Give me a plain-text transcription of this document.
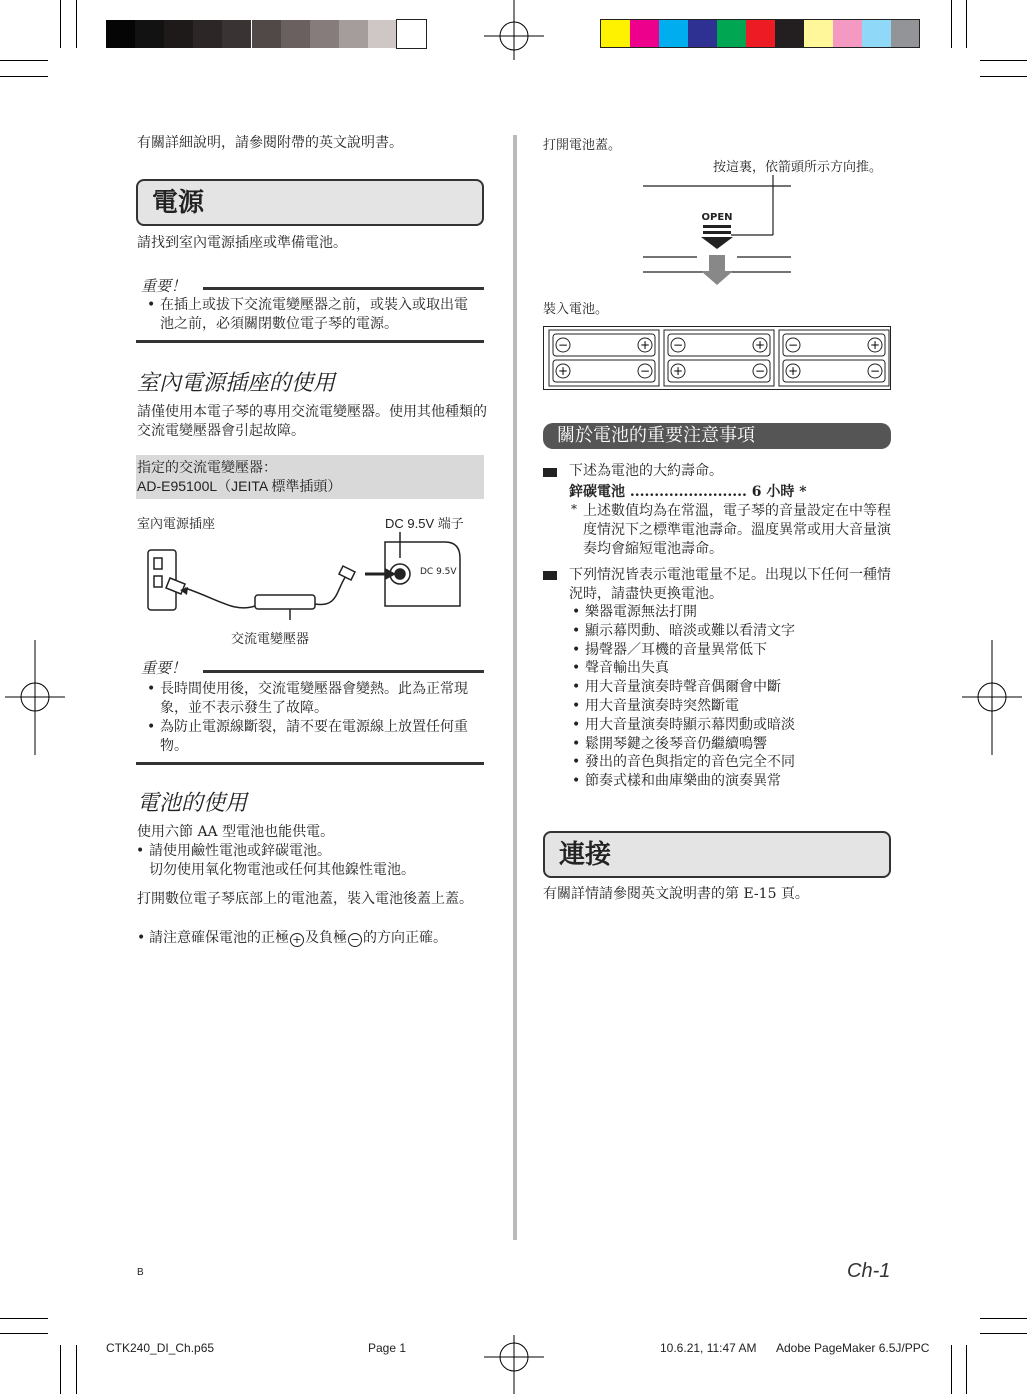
有關詳細說明，請參閱附帶的英文說明書。
電源
請找到室內電源插座或準備電池。
重要！
• 在插上或拔下交流電變壓器之前，或裝入或取出電池之前，必須關閉數位電子琴的電源。
室內電源插座的使用
請僅使用本電子琴的專用交流電變壓器。使用其他種類的交流電變壓器會引起故障。
指定的交流電變壓器：
AD-E95100L（JEITA 標準插頭）
室內電源插座	DC 9.5V 端子
DC 9.5V
交流電變壓器
重要！
• 長時間使用後，交流電變壓器會變熱。此為正常現象，並不表示發生了故障。
• 為防止電源線斷裂，請不要在電源線上放置任何重物。
電池的使用
使用六節 AA 型電池也能供電。
• 請使用鹼性電池或鋅碳電池。
切勿使用氧化物電池或任何其他鎳性電池。
打開數位電子琴底部上的電池蓋，裝入電池後蓋上蓋。
• 請注意確保電池的正極 + 及負極 − 的方向正確。
B
打開電池蓋。
按這裏，依箭頭所示方向推。
OPEN
裝入電池。
−	+
+	−
−	+
+	−
−	+
+	−
關於電池的重要注意事項
下述為電池的大約壽命。
鋅碳電池 ........................ 6 小時 *
* 上述數值均為在常溫，電子琴的音量設定在中等程度情況下之標準電池壽命。溫度異常或用大音量演奏均會縮短電池壽命。
下列情況皆表示電池電量不足。出現以下任何一種情況時，請盡快更換電池。
• 樂器電源無法打開
• 顯示幕閃動、暗淡或難以看清文字
• 揚聲器／耳機的音量異常低下
• 聲音輸出失真
• 用大音量演奏時聲音偶爾會中斷
• 用大音量演奏時突然斷電
• 用大音量演奏時顯示幕閃動或暗淡
• 鬆開琴鍵之後琴音仍繼續鳴響
• 發出的音色與指定的音色完全不同
• 節奏式樣和曲庫樂曲的演奏異常
連接
有關詳情請參閱英文說明書的第 E-15 頁。
Ch-1
CTK240_DI_Ch.p65	Page 1	10.6.21, 11:47 AM Adobe PageMaker 6.5J/PPC
